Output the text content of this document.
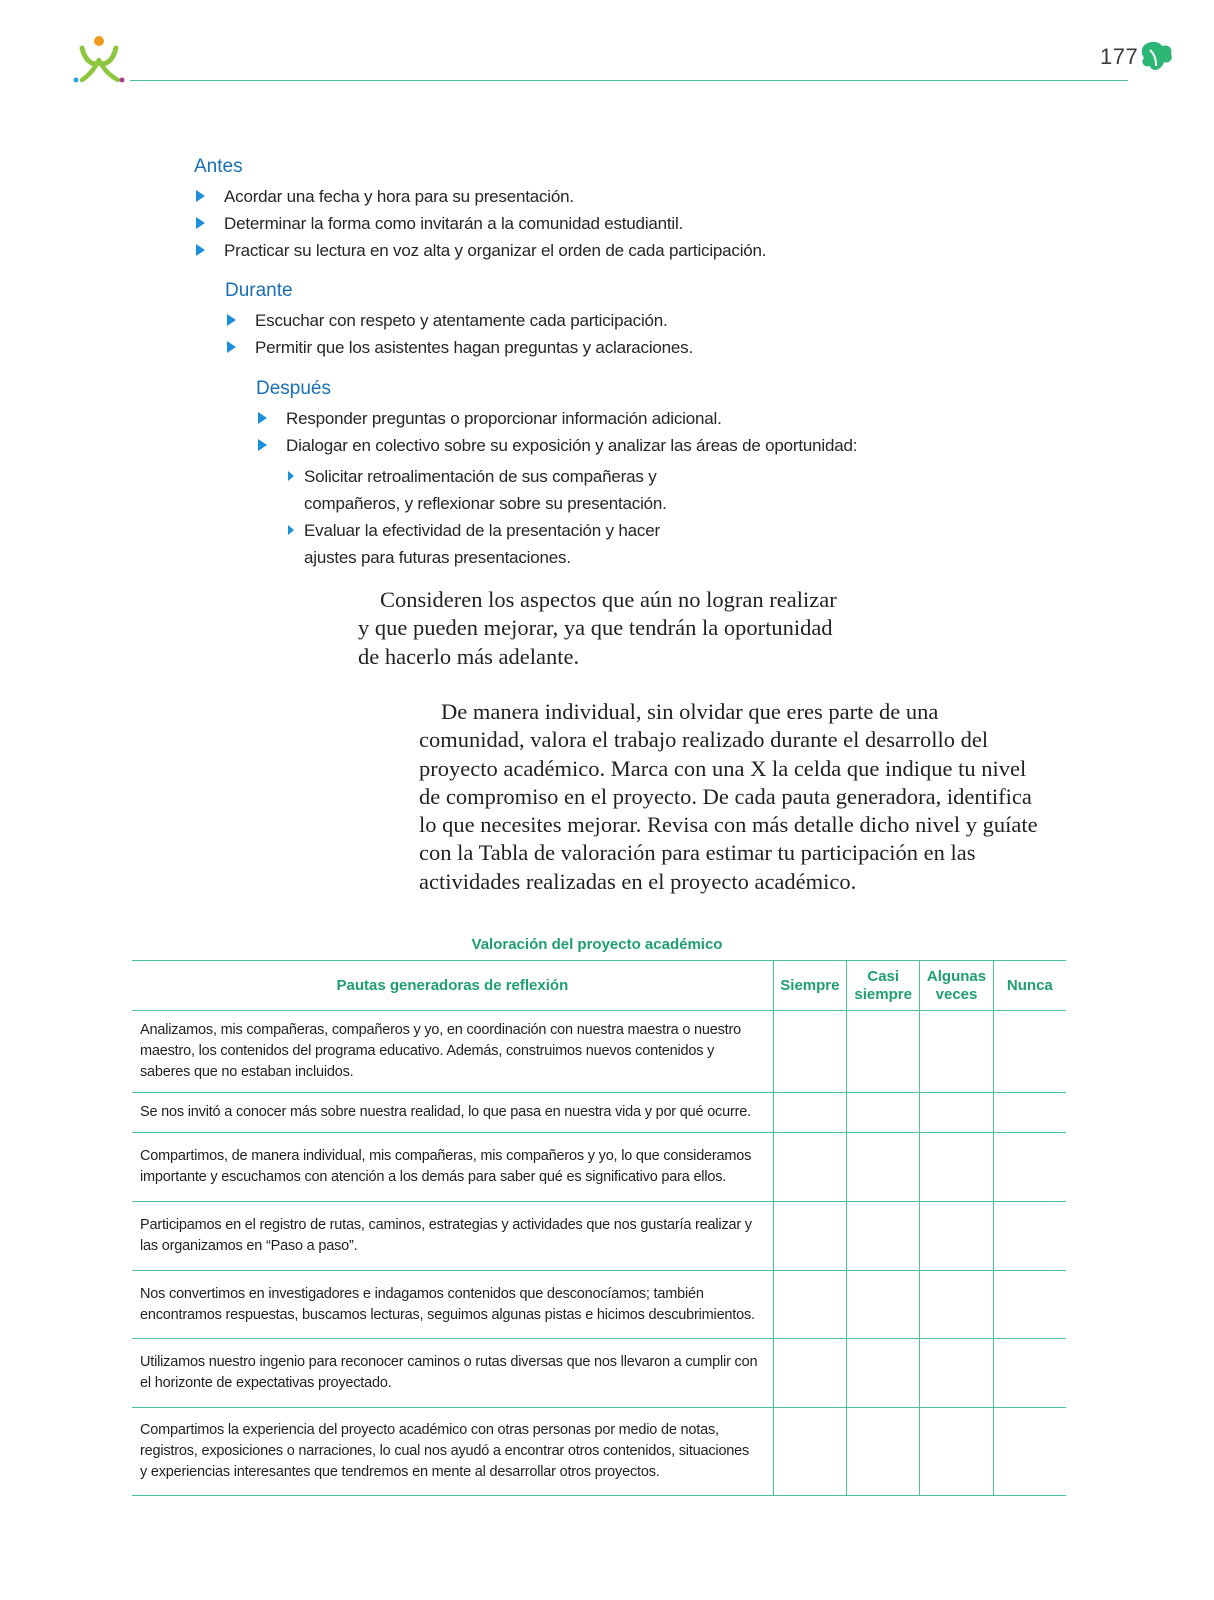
177
Antes
Acordar una fecha y hora para su presentación.
Determinar la forma como invitarán a la comunidad estudiantil.
Practicar su lectura en voz alta y organizar el orden de cada participación.
Durante
Escuchar con respeto y atentamente cada participación.
Permitir que los asistentes hagan preguntas y aclaraciones.
Después
Responder preguntas o proporcionar información adicional.
Dialogar en colectivo sobre su exposición y analizar las áreas de oportunidad:
Solicitar retroalimentación de sus compañeras y
compañeros, y reflexionar sobre su presentación.
Evaluar la efectividad de la presentación y hacer
ajustes para futuras presentaciones.
Consideren los aspectos que aún no logran realizar
y que pueden mejorar, ya que tendrán la oportunidad
de hacerlo más adelante.
De manera individual, sin olvidar que eres parte de una
comunidad, valora el trabajo realizado durante el desarrollo del
proyecto académico. Marca con una X la celda que indique tu nivel
de compromiso en el proyecto. De cada pauta generadora, identifica
lo que necesites mejorar. Revisa con más detalle dicho nivel y guíate
con la Tabla de valoración para estimar tu participación en las
actividades realizadas en el proyecto académico.
Valoración del proyecto académico
Pautas generadoras de reflexión	Siempre	Casi
siempre	Algunas
veces	Nunca
Analizamos, mis compañeras, compañeros y yo, en coordinación con nuestra maestra o nuestro
maestro, los contenidos del programa educativo. Además, construimos nuevos contenidos y
saberes que no estaban incluidos.				
Se nos invitó a conocer más sobre nuestra realidad, lo que pasa en nuestra vida y por qué ocurre.				
Compartimos, de manera individual, mis compañeras, mis compañeros y yo, lo que consideramos
importante y escuchamos con atención a los demás para saber qué es significativo para ellos.				
Participamos en el registro de rutas, caminos, estrategias y actividades que nos gustaría realizar y
las organizamos en “Paso a paso”.				
Nos convertimos en investigadores e indagamos contenidos que desconocíamos; también
encontramos respuestas, buscamos lecturas, seguimos algunas pistas e hicimos descubrimientos.				
Utilizamos nuestro ingenio para reconocer caminos o rutas diversas que nos llevaron a cumplir con
el horizonte de expectativas proyectado.				
Compartimos la experiencia del proyecto académico con otras personas por medio de notas,
registros, exposiciones o narraciones, lo cual nos ayudó a encontrar otros contenidos, situaciones
y experiencias interesantes que tendremos en mente al desarrollar otros proyectos.				
